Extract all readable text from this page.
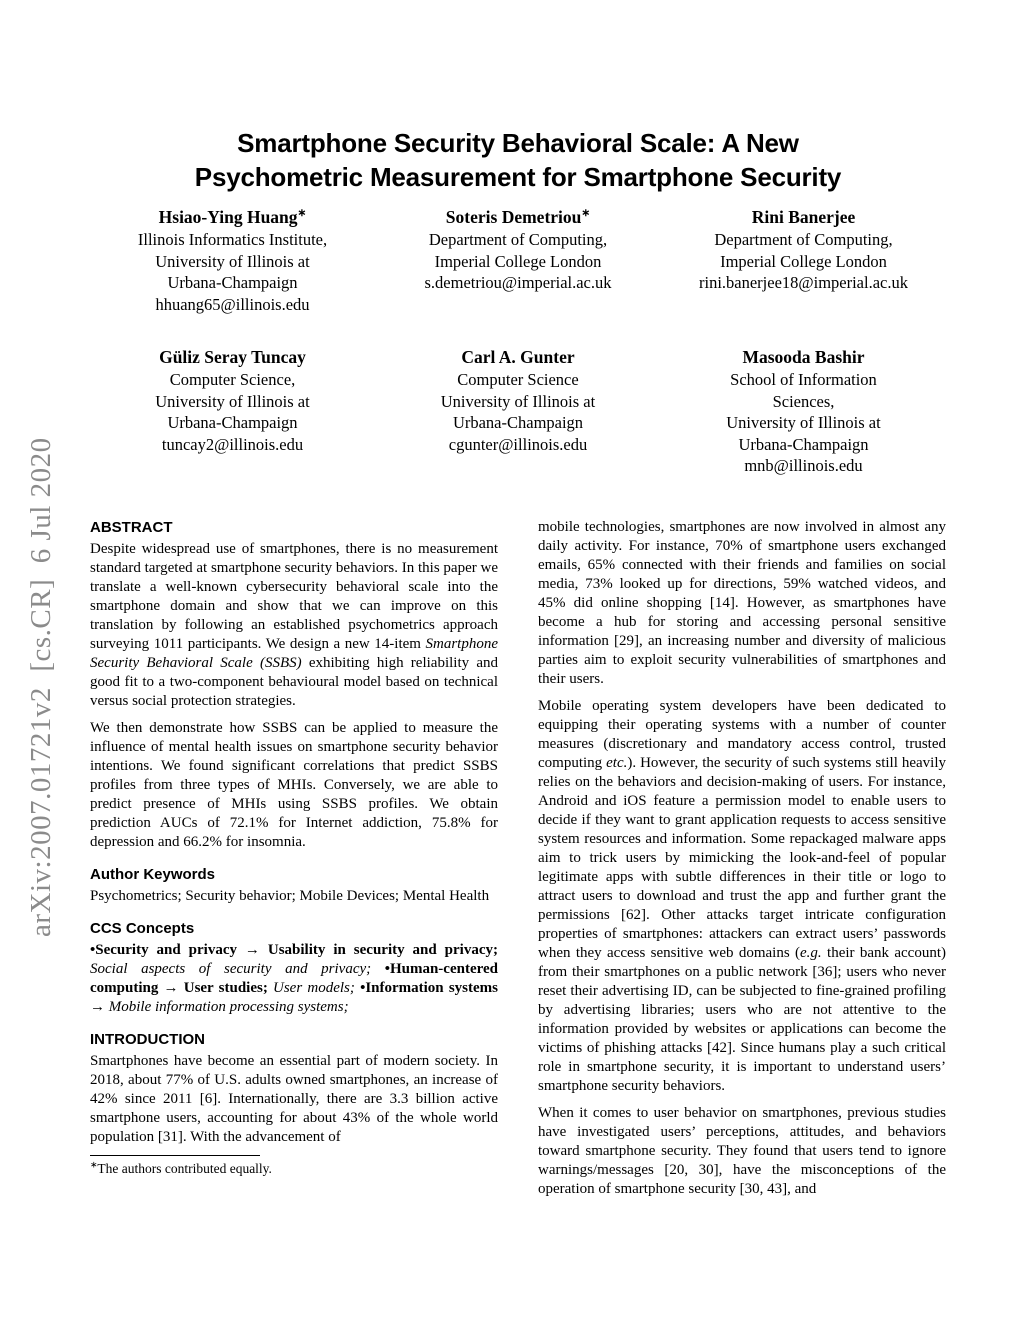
arXiv:2007.01721v2  [cs.CR]  6 Jul 2020
Smartphone Security Behavioral Scale: A New
Psychometric Measurement for Smartphone Security
Hsiao-Ying Huang∗
Illinois Informatics Institute,
University of Illinois at
Urbana-Champaign
hhuang65@illinois.edu
Soteris Demetriou∗
Department of Computing,
Imperial College London
s.demetriou@imperial.ac.uk
Rini Banerjee
Department of Computing,
Imperial College London
rini.banerjee18@imperial.ac.uk
Güliz Seray Tuncay
Computer Science,
University of Illinois at
Urbana-Champaign
tuncay2@illinois.edu
Carl A. Gunter
Computer Science
University of Illinois at
Urbana-Champaign
cgunter@illinois.edu
Masooda Bashir
School of Information
Sciences,
University of Illinois at
Urbana-Champaign
mnb@illinois.edu
ABSTRACT

Despite widespread use of smartphones, there is no measurement standard targeted at smartphone security behaviors. In this paper we translate a well-known cybersecurity behavioral scale into the smartphone domain and show that we can improve on this translation by following an established psychometrics approach surveying 1011 participants. We design a new 14-item Smartphone Security Behavioral Scale (SSBS) exhibiting high reliability and good fit to a two-component behavioural model based on technical versus social protection strategies.

We then demonstrate how SSBS can be applied to measure the influence of mental health issues on smartphone security behavior intentions. We found significant correlations that predict SSBS profiles from three types of MHIs. Conversely, we are able to predict presence of MHIs using SSBS profiles. We obtain prediction AUCs of 72.1% for Internet addiction, 75.8% for depression and 66.2% for insomnia.

Author Keywords

Psychometrics; Security behavior; Mobile Devices; Mental Health

CCS Concepts

•Security and privacy → Usability in security and privacy; Social aspects of security and privacy; •Human-centered computing → User studies; User models; •Information systems → Mobile information processing systems;

INTRODUCTION

Smartphones have become an essential part of modern society. In 2018, about 77% of U.S. adults owned smartphones, an increase of 42% since 2011 [6]. Internationally, there are 3.3 billion active smartphone users, accounting for about 43% of the whole world population [31]. With the advancement of

∗The authors contributed equally.

mobile technologies, smartphones are now involved in almost any daily activity. For instance, 70% of smartphone users exchanged emails, 65% connected with their friends and families on social media, 73% looked up for directions, 59% watched videos, and 45% did online shopping [14]. However, as smartphones have become a hub for storing and accessing personal sensitive information [29], an increasing number and diversity of malicious parties aim to exploit security vulnerabilities of smartphones and their users.

Mobile operating system developers have been dedicated to equipping their operating systems with a number of counter measures (discretionary and mandatory access control, trusted computing etc.). However, the security of such systems still heavily relies on the behaviors and decision-making of users. For instance, Android and iOS feature a permission model to enable users to decide if they want to grant application requests to access sensitive system resources and information. Some repackaged malware apps aim to trick users by mimicking the look-and-feel of popular legitimate apps with subtle differences in their title or logo to attract users to download and trust the app and further grant the permissions [62]. Other attacks target intricate configuration properties of smartphones: attackers can extract users’ passwords when they access sensitive web domains (e.g. their bank account) from their smartphones on a public network [36]; users who never reset their advertising ID, can be subjected to fine-grained profiling by advertising libraries; users who are not attentive to the information provided by websites or applications can become the victims of phishing attacks [42]. Since humans play a such critical role in smartphone security, it is important to understand users’ smartphone security behaviors.

When it comes to user behavior on smartphones, previous studies have investigated users’ perceptions, attitudes, and behaviors toward smartphone security. They found that users tend to ignore warnings/messages [20, 30], have the misconceptions of the operation of smartphone security [30, 43], and
